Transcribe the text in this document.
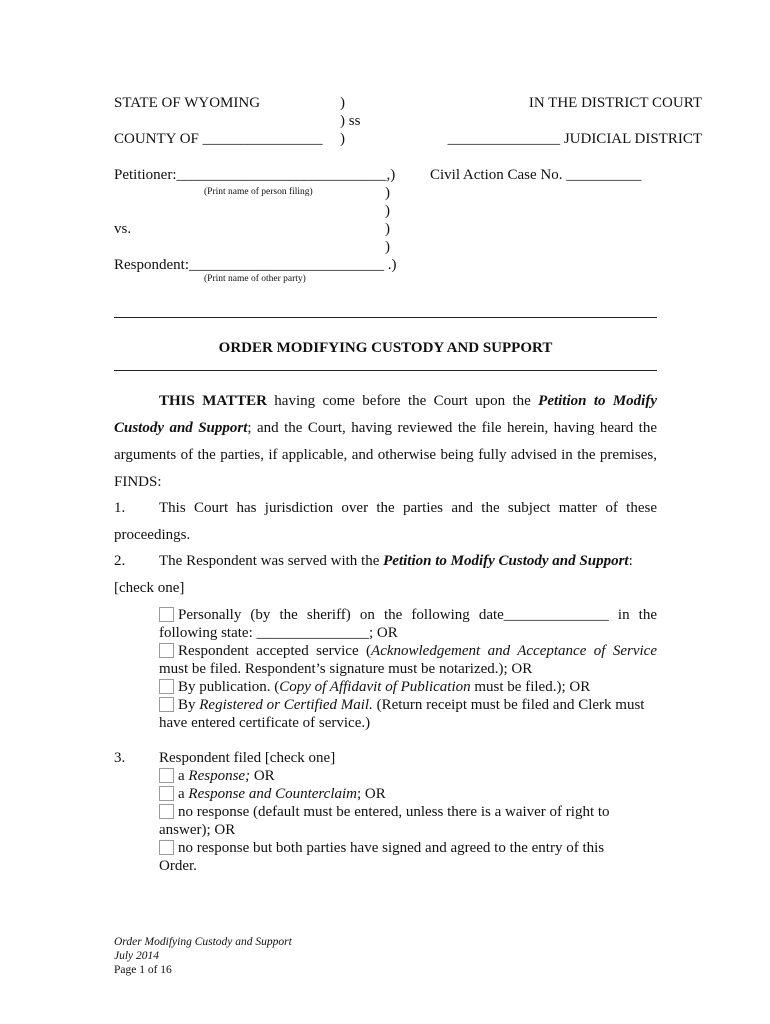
STATE OF WYOMING	)
) ss
COUNTY OF ________________ )
IN THE DISTRICT COURT
_______________ JUDICIAL DISTRICT
Petitioner:____________________________,)
(Print name of person filing)
Civil Action Case No. __________
)
)
vs.	)
)
Respondent:__________________________ .)
(Print name of other party)
ORDER MODIFYING CUSTODY AND SUPPORT
THIS MATTER having come before the Court upon the Petition to Modify
Custody and Support; and the Court, having reviewed the file herein, having heard the
arguments of the parties, if applicable, and otherwise being fully advised in the premises,
FINDS:
1. This Court has jurisdiction over the parties and the subject matter of these
proceedings.
2. The Respondent was served with the Petition to Modify Custody and Support:
[check one]
Personally (by the sheriff) on the following date______________ in the
following state: _______________; OR
Respondent accepted service (Acknowledgement and Acceptance of Service
must be filed. Respondent’s signature must be notarized.); OR
By publication. (Copy of Affidavit of Publication must be filed.); OR
By Registered or Certified Mail. (Return receipt must be filed and Clerk must
have entered certificate of service.)
3. Respondent filed [check one]
a Response; OR
a Response and Counterclaim; OR
no response (default must be entered, unless there is a waiver of right to
answer); OR
no response but both parties have signed and agreed to the entry of this
Order.
Order Modifying Custody and Support
July 2014
Page 1 of 16
